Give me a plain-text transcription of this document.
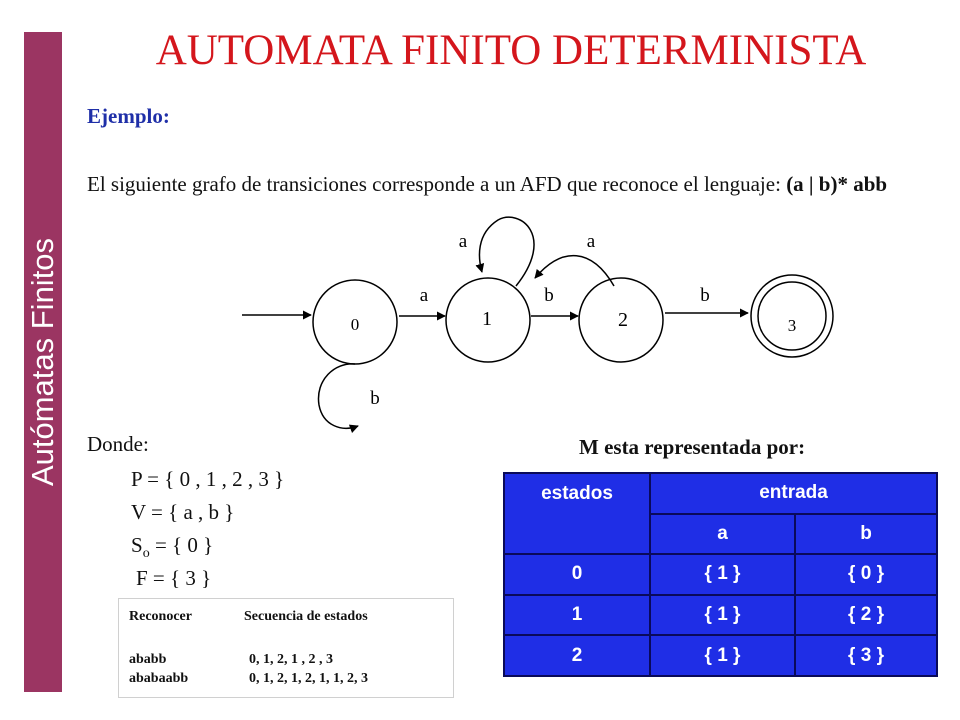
Autómatas Finitos
AUTOMATA FINITO DETERMINISTA
Ejemplo:
El siguiente grafo de transiciones corresponde a un AFD que reconoce el lenguaje: (a | b)* abb
0	1	2	3
a	a
a	b	b
b
Donde:
P = { 0 , 1 , 2 , 3 }
V = { a , b }
$S_o$ = { 0 }
F = { 3 }
Reconocer	Secuencia de estados
ababb	0, 1, 2, 1 , 2 , 3
ababaabb	0, 1, 2, 1, 2, 1, 1, 2, 3
M esta representada por:
estados	entrada	
	a	b
0	{ 1 }	{ 0 }
1	{ 1 }	{ 2 }
2	{ 1 }	{ 3 }
